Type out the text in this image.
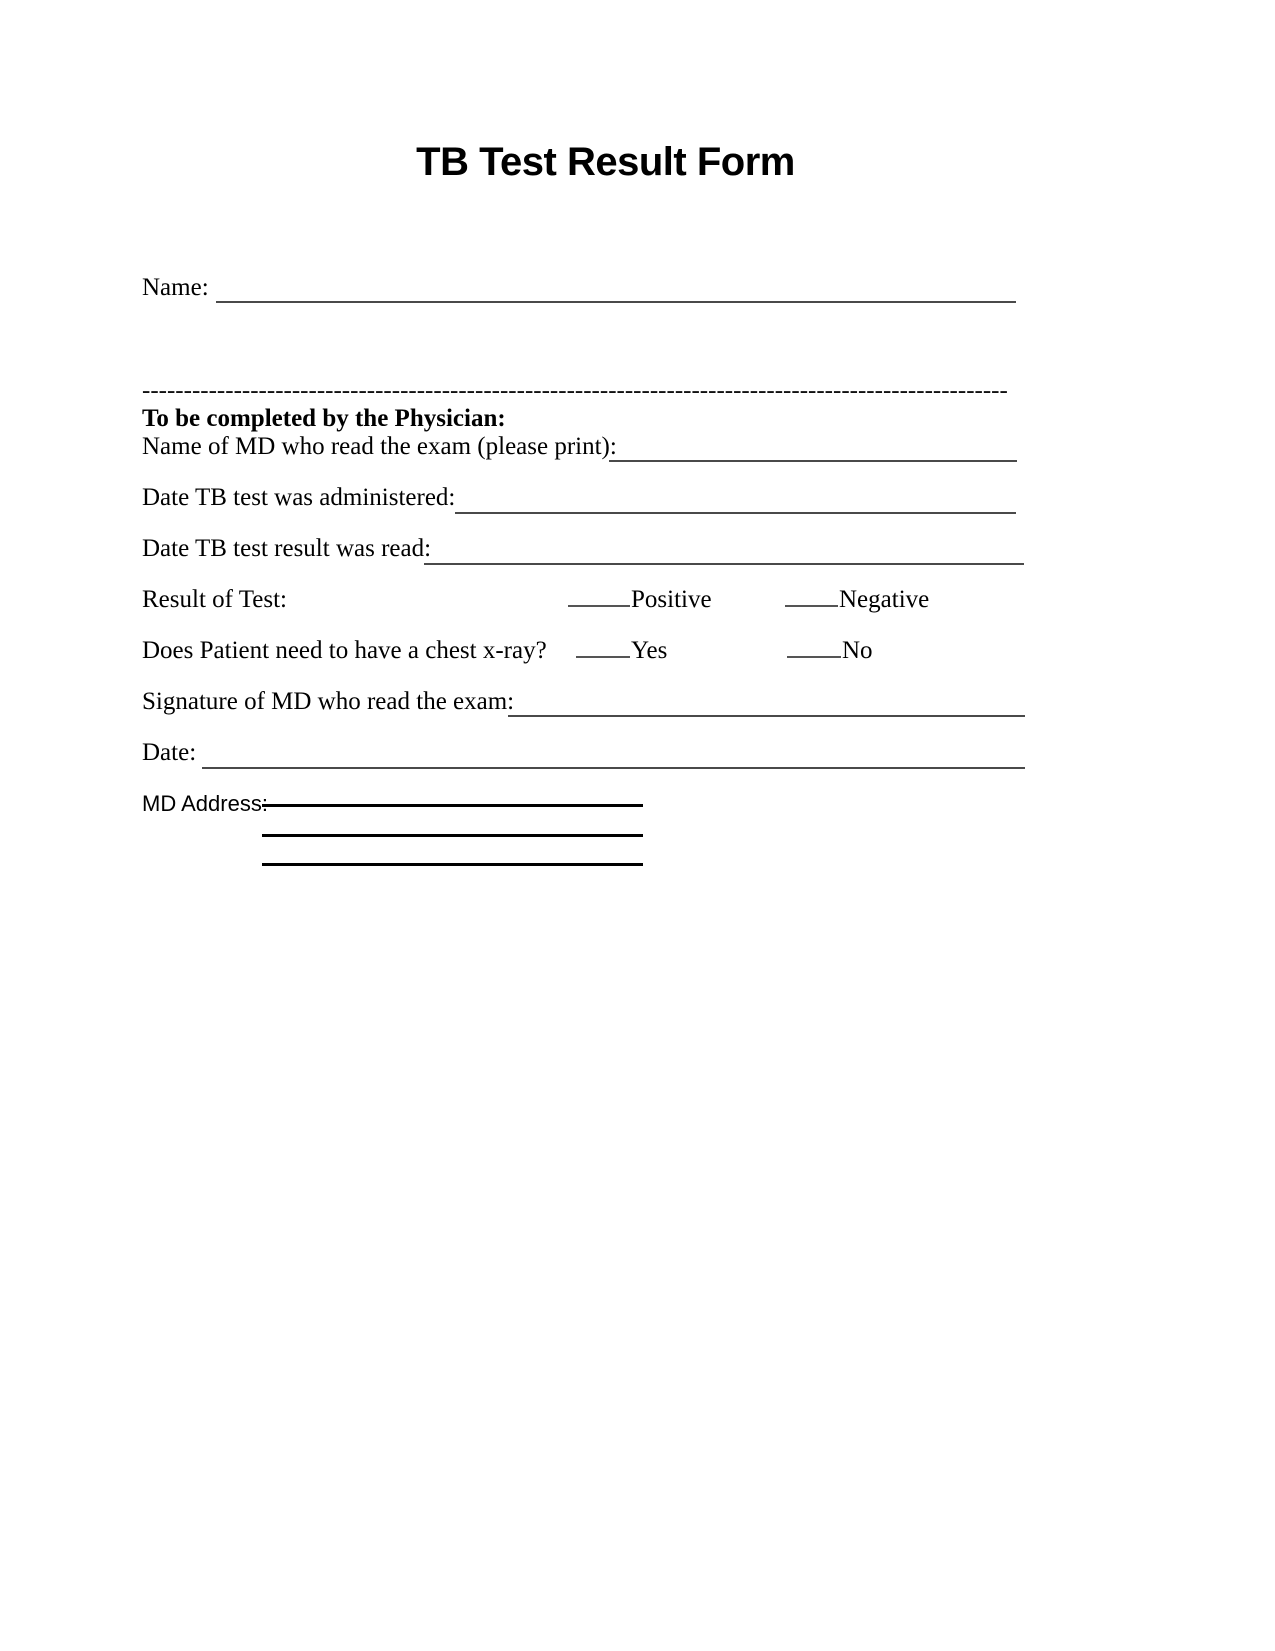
TB Test Result Form
Name:
--------------------------------------------------------------------------------------------------------
To be completed by the Physician:
Name of MD who read the exam (please print):
Date TB test was administered:
Date TB test result was read:
Result of Test:	Positive	Negative
Does Patient need to have a chest x-ray?	Yes	No
Signature of MD who read the exam:
Date:
MD Address:
